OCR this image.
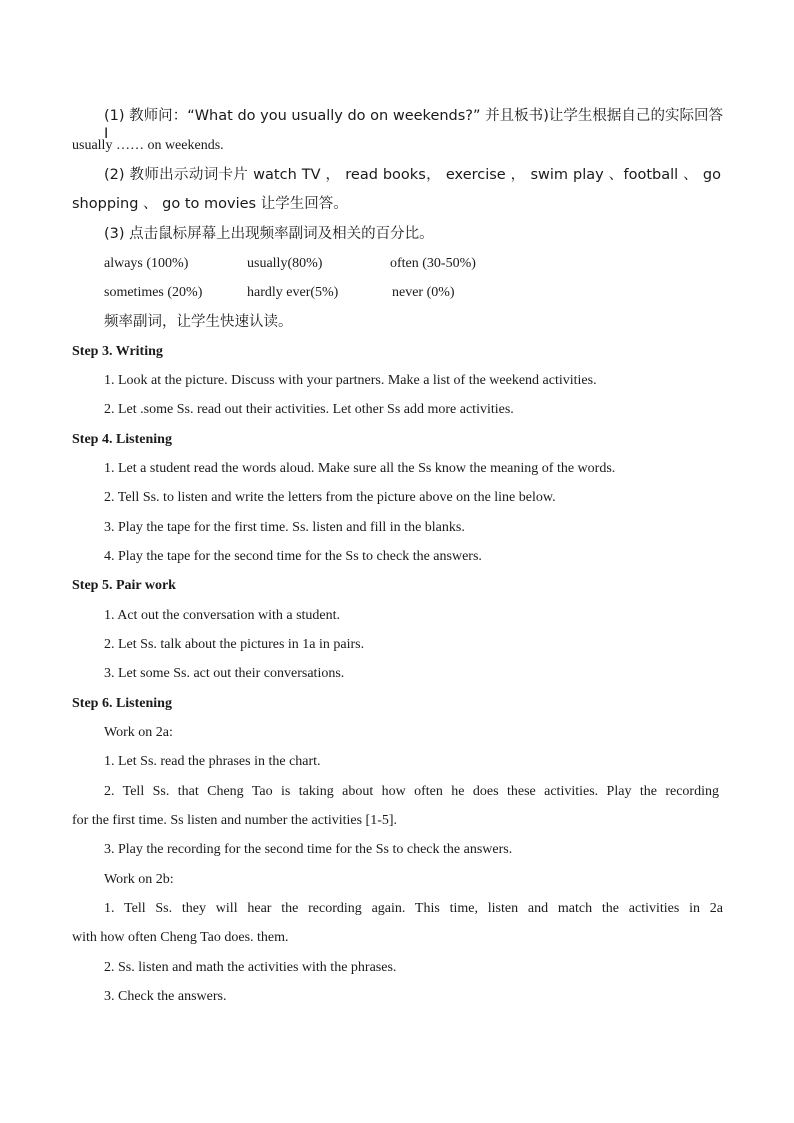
(1) 教师问：“What do you usually do on weekends?” 并且板书)让学生根据自己的实际回答 I
usually …… on weekends.
(2) 教师出示动词卡片 watch TV ， read books， exercise ， swim play 、football 、 go
shopping 、 go to movies 让学生回答。
(3) 点击鼠标屏幕上出现频率副词及相关的百分比。
always (100%)	usually(80%)	often (30-50%)
sometimes (20%)	hardly ever(5%)	never (0%)
频率副词，让学生快速认读。
Step 3. Writing
1. Look at the picture. Discuss with your partners. Make a list of the weekend activities.
2. Let .some Ss. read out their activities. Let other Ss add more activities.
Step 4. Listening
1. Let a student read the words aloud. Make sure all the Ss know the meaning of the words.
2. Tell Ss. to listen and write the letters from the picture above on the line below.
3. Play the tape for the first time. Ss. listen and fill in the blanks.
4. Play the tape for the second time for the Ss to check the answers.
Step 5. Pair work
1. Act out the conversation with a student.
2. Let Ss. talk about the pictures in 1a in pairs.
3. Let some Ss. act out their conversations.
Step 6. Listening
Work on 2a:
1. Let Ss. read the phrases in the chart.
2. Tell Ss. that Cheng Tao is taking about how often he does these activities. Play the recording
for the first time. Ss listen and number the activities [1-5].
3. Play the recording for the second time for the Ss to check the answers.
Work on 2b:
1. Tell Ss. they will hear the recording again. This time, listen and match the activities in 2a
with how often Cheng Tao does. them.
2. Ss. listen and math the activities with the phrases.
3. Check the answers.
